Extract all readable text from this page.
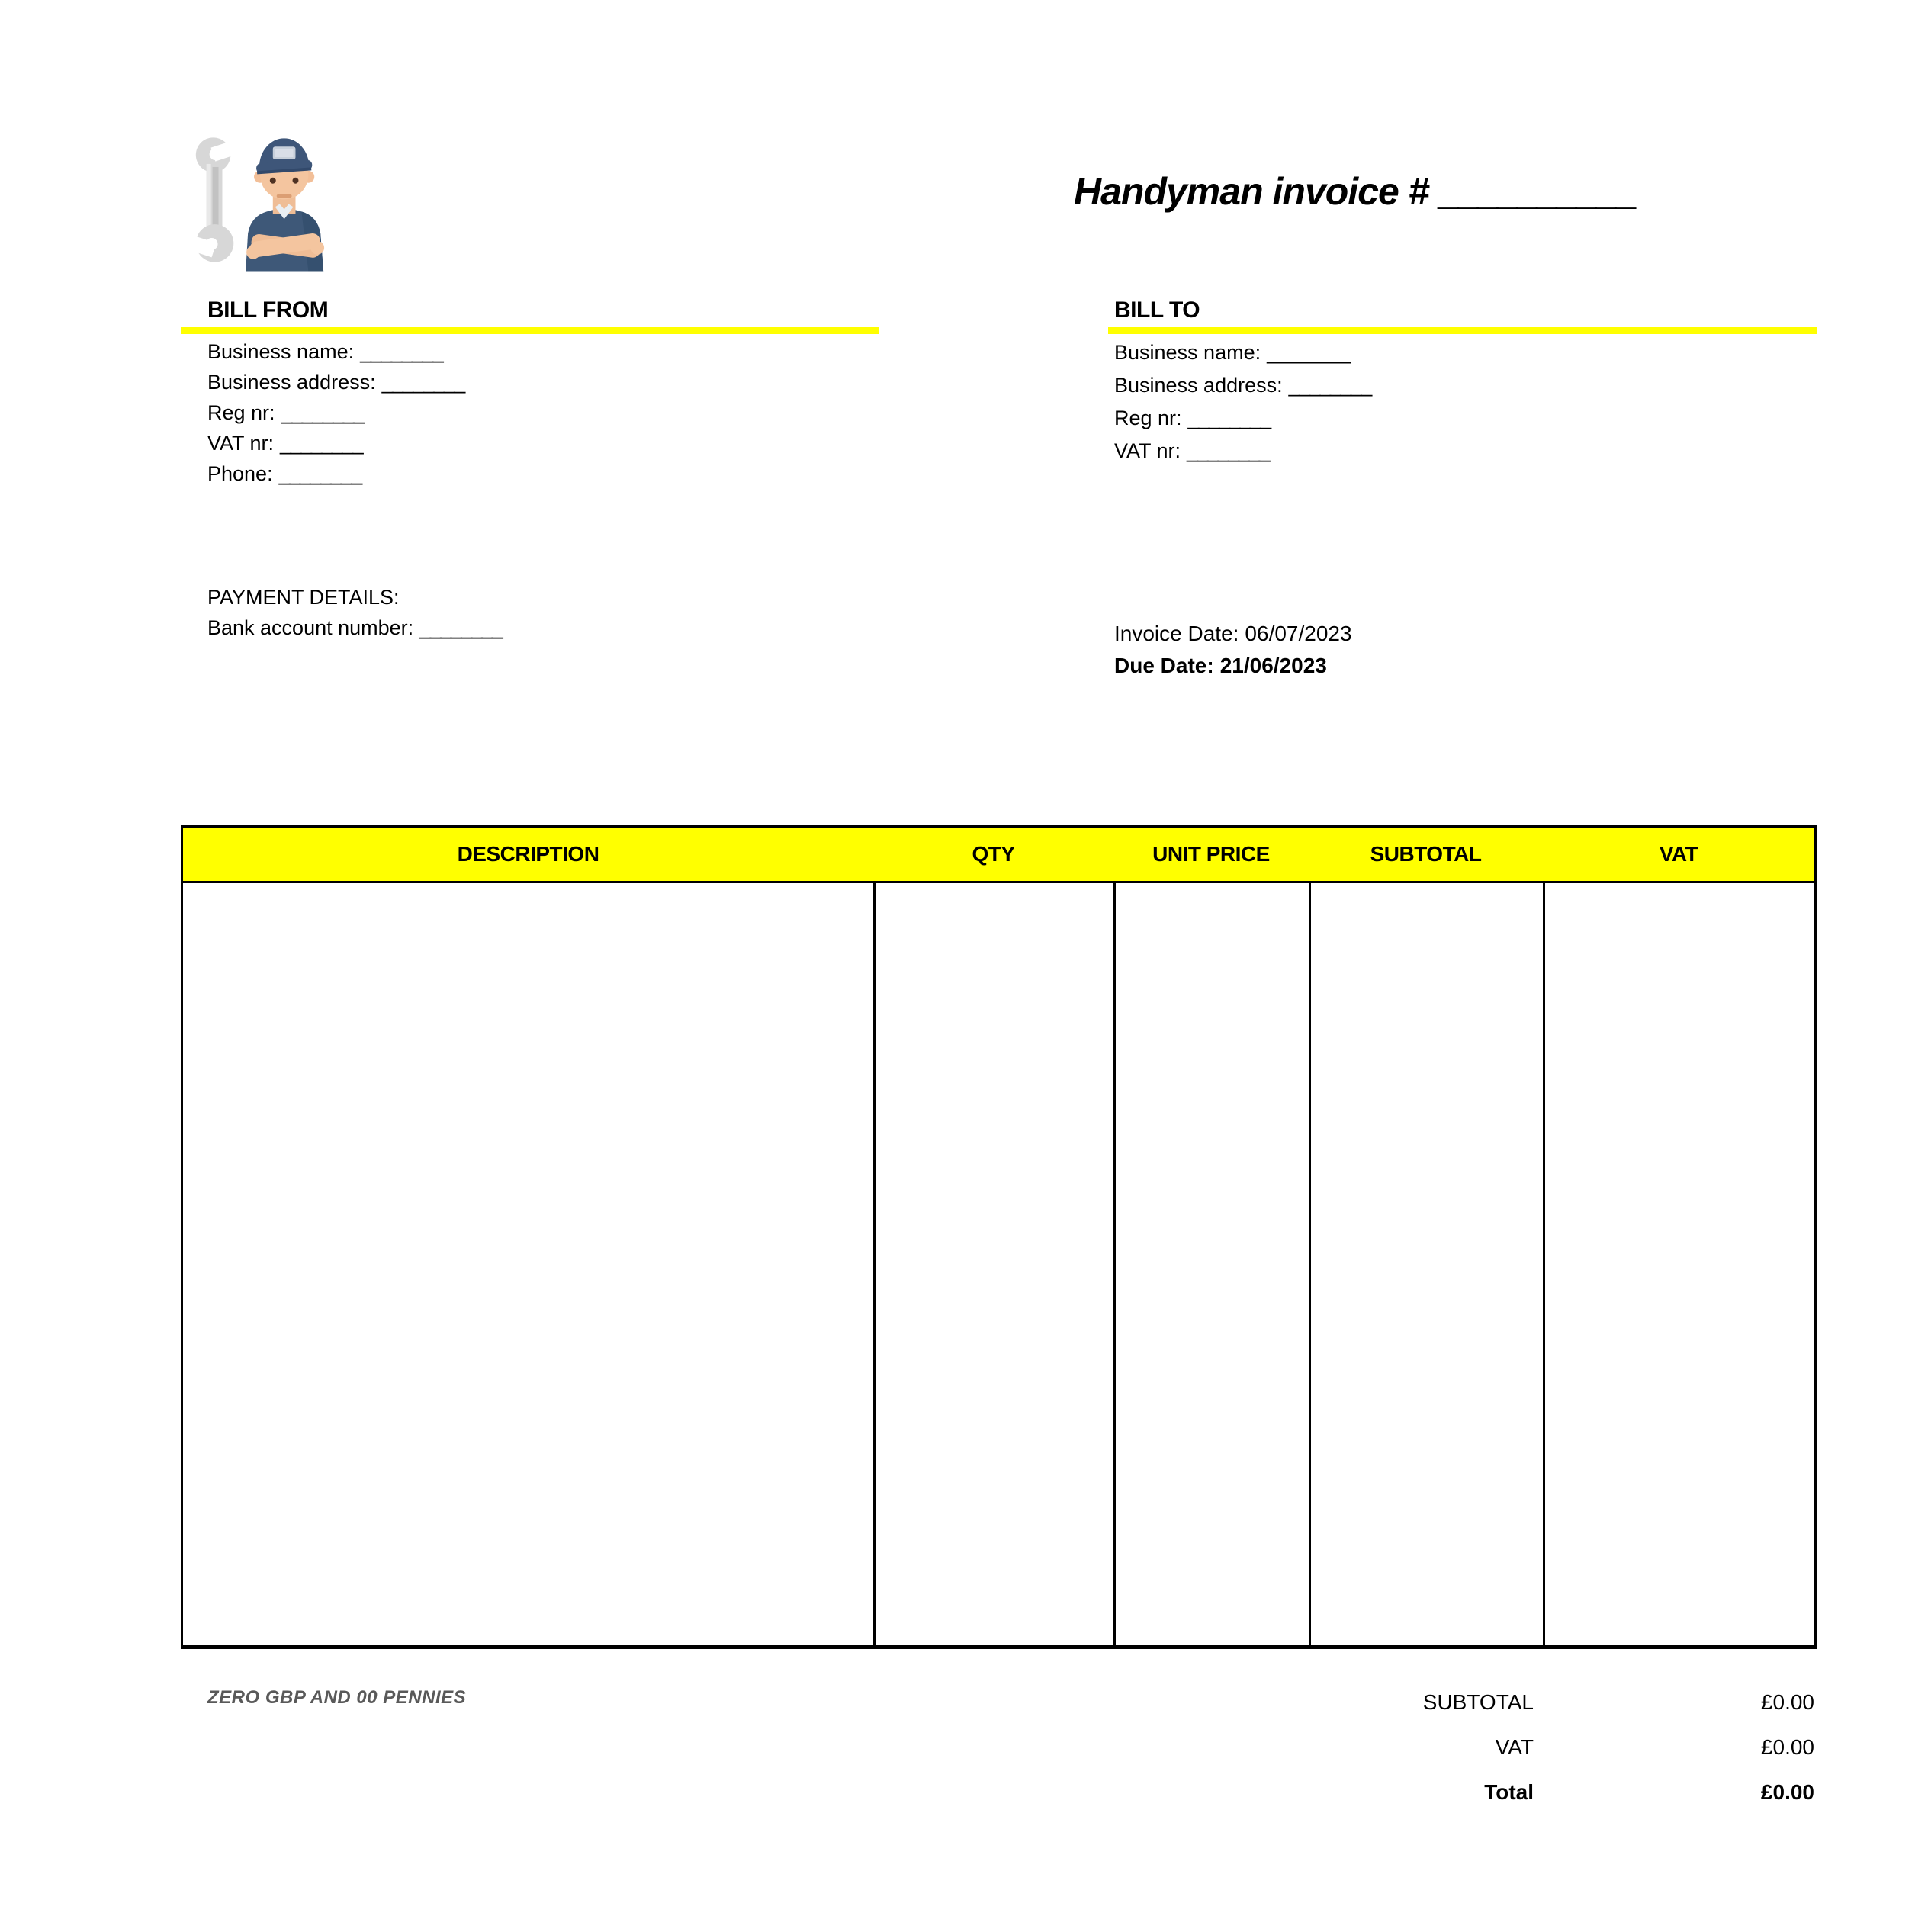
Handyman invoice # __________
BILL FROM
Business name: ________
Business address: ________
Reg nr: ________
VAT nr: ________
Phone: ________
BILL TO
Business name: ________
Business address: ________
Reg nr: ________
VAT nr: ________
PAYMENT DETAILS:
Bank account number: ________	Invoice Date: 06/07/2023
Due Date: 21/06/2023
DESCRIPTION	QTY	UNIT PRICE	SUBTOTAL	VAT
ZERO GBP AND 00 PENNIES	SUBTOTAL	£0.00
VAT	£0.00
Total	£0.00
